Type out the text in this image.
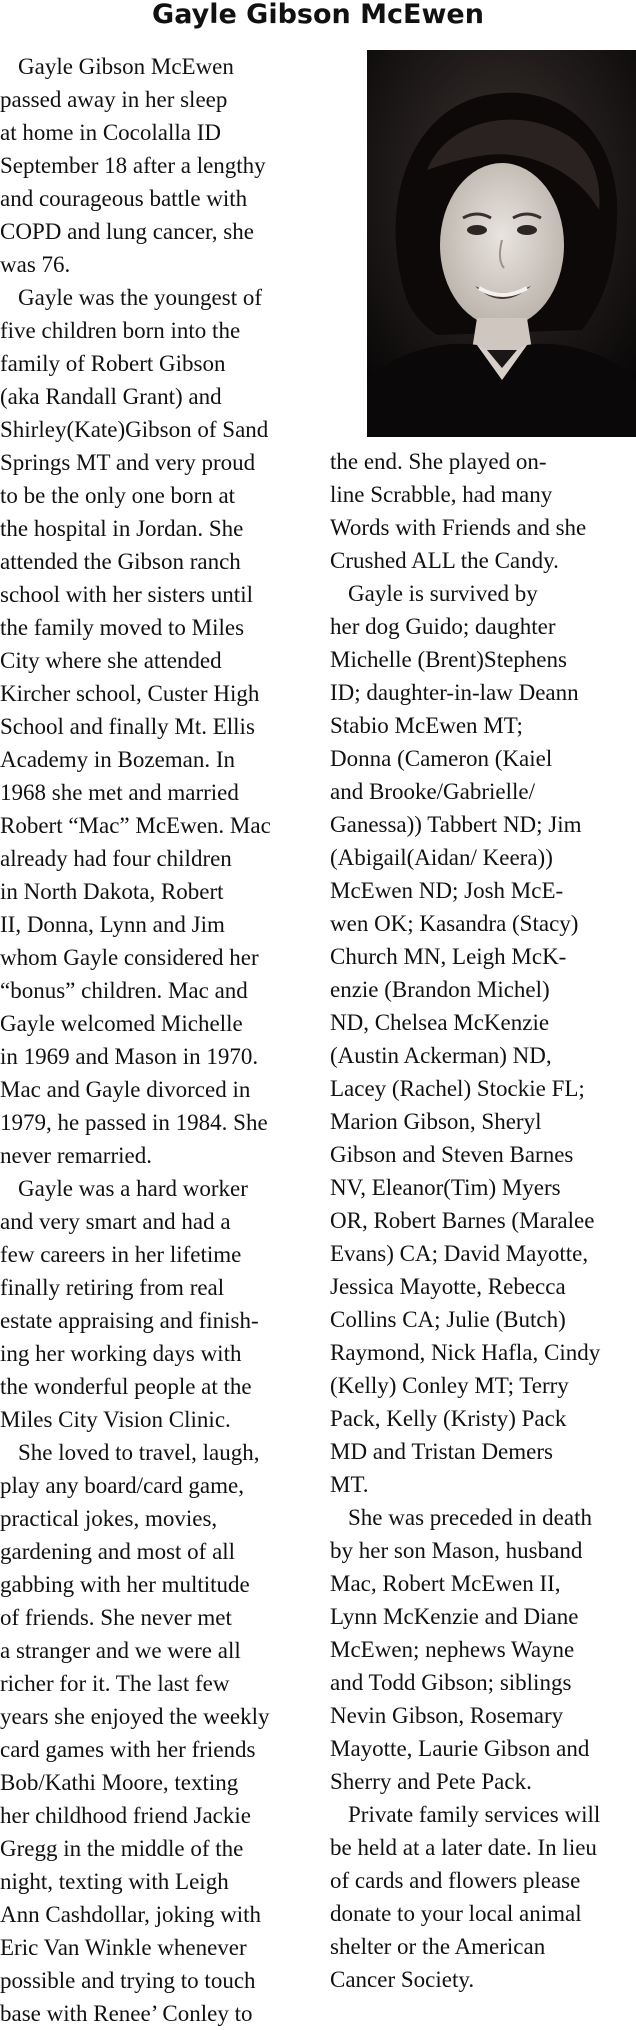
Gayle Gibson McEwen
Gayle Gibson McEwen
passed away in her sleep
at home in Cocolalla ID
September 18 after a lengthy
and courageous battle with
COPD and lung cancer, she
was 76.
Gayle was the youngest of
five children born into the
family of Robert Gibson
(aka Randall Grant) and
Shirley(Kate)Gibson of Sand
Springs MT and very proud
to be the only one born at
the hospital in Jordan. She
attended the Gibson ranch
school with her sisters until
the family moved to Miles
City where she attended
Kircher school, Custer High
School and finally Mt. Ellis
Academy in Bozeman. In
1968 she met and married
Robert “Mac” McEwen. Mac
already had four children
in North Dakota, Robert
II, Donna, Lynn and Jim
whom Gayle considered her
“bonus” children. Mac and
Gayle welcomed Michelle
in 1969 and Mason in 1970.
Mac and Gayle divorced in
1979, he passed in 1984. She
never remarried.
Gayle was a hard worker
and very smart and had a
few careers in her lifetime
finally retiring from real
estate appraising and finish-
ing her working days with
the wonderful people at the
Miles City Vision Clinic.
She loved to travel, laugh,
play any board/card game,
practical jokes, movies,
gardening and most of all
gabbing with her multitude
of friends. She never met
a stranger and we were all
richer for it. The last few
years she enjoyed the weekly
card games with her friends
Bob/Kathi Moore, texting
her childhood friend Jackie
Gregg in the middle of the
night, texting with Leigh
Ann Cashdollar, joking with
Eric Van Winkle whenever
possible and trying to touch
base with Renee’ Conley to
the end. She played on-
line Scrabble, had many
Words with Friends and she
Crushed ALL the Candy.
Gayle is survived by
her dog Guido; daughter
Michelle (Brent)Stephens
ID; daughter-in-law Deann
Stabio McEwen MT;
Donna (Cameron (Kaiel
and Brooke/Gabrielle/
Ganessa)) Tabbert ND; Jim
(Abigail(Aidan/ Keera))
McEwen ND; Josh McE-
wen OK; Kasandra (Stacy)
Church MN, Leigh McK-
enzie (Brandon Michel)
ND, Chelsea McKenzie
(Austin Ackerman) ND,
Lacey (Rachel) Stockie FL;
Marion Gibson, Sheryl
Gibson and Steven Barnes
NV, Eleanor(Tim) Myers
OR, Robert Barnes (Maralee
Evans) CA; David Mayotte,
Jessica Mayotte, Rebecca
Collins CA; Julie (Butch)
Raymond, Nick Hafla, Cindy
(Kelly) Conley MT; Terry
Pack, Kelly (Kristy) Pack
MD and Tristan Demers
MT.
She was preceded in death
by her son Mason, husband
Mac, Robert McEwen II,
Lynn McKenzie and Diane
McEwen; nephews Wayne
and Todd Gibson; siblings
Nevin Gibson, Rosemary
Mayotte, Laurie Gibson and
Sherry and Pete Pack.
Private family services will
be held at a later date. In lieu
of cards and flowers please
donate to your local animal
shelter or the American
Cancer Society.
